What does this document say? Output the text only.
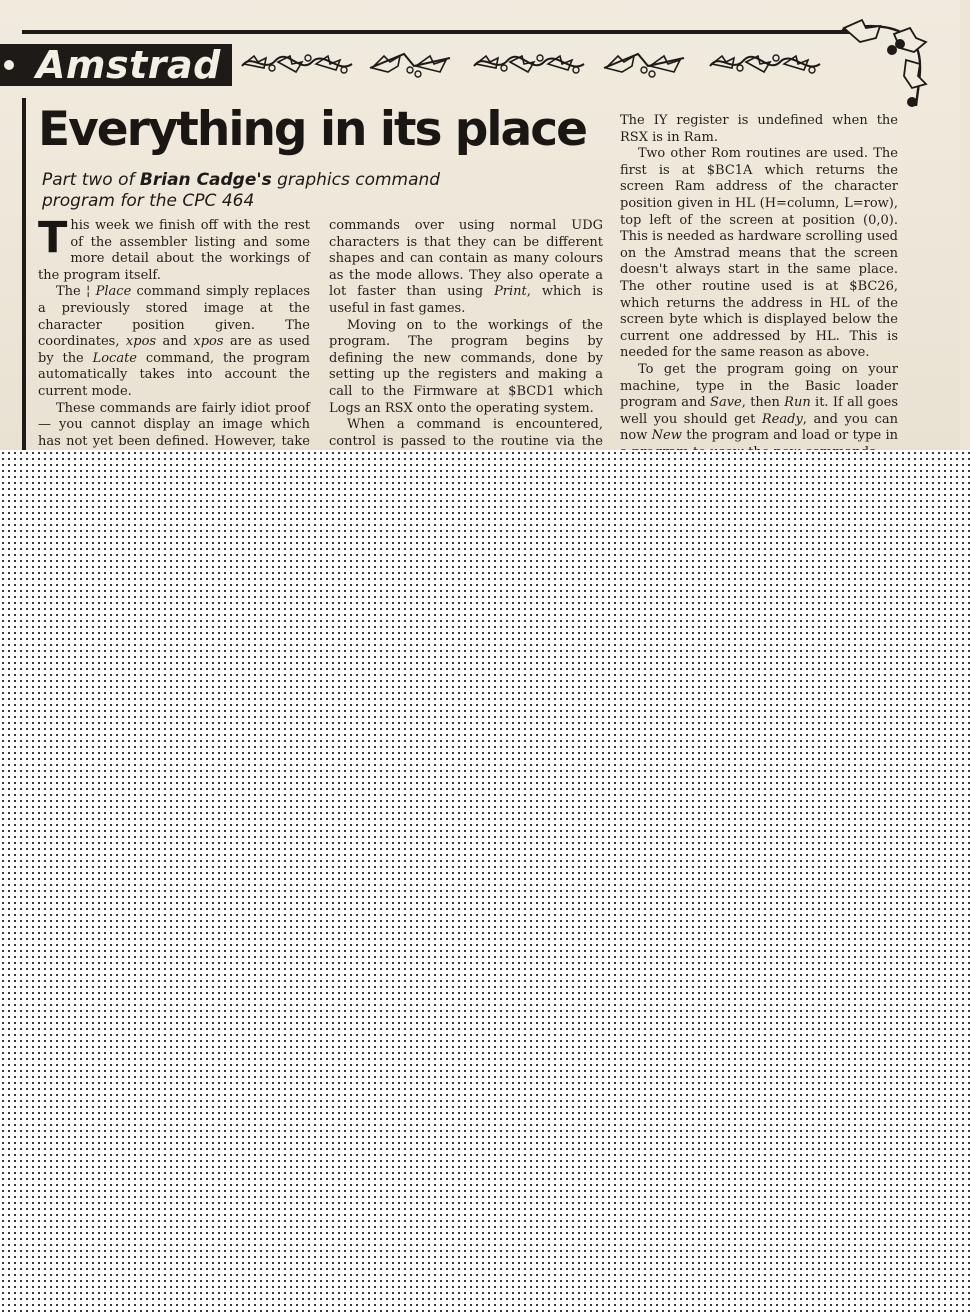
Amstrad
Everything in its place

Part two of Brian Cadge's graphics command program for the CPC 464

This week we finish off with the rest of the assembler listing and some more detail about the workings of the program itself.

The ¦ Place command simply replaces a previously stored image at the character position given. The coordinates, xpos and xpos are as used by the Locate command, the program automatically takes into account the current mode.

These commands are fairly idiot proof — you cannot display an image which has not yet been defined. However, take

commands over using normal UDG characters is that they can be different shapes and can contain as many colours as the mode allows. They also operate a lot faster than using Print, which is useful in fast games.

Moving on to the workings of the program. The program begins by defining the new commands, done by setting up the registers and making a call to the Firmware at $BCD1 which Logs an RSX onto the operating system.

When a command is encountered, control is passed to the routine via the

The IY register is undefined when the RSX is in Ram.

Two other Rom routines are used. The first is at $BC1A which returns the screen Ram address of the character position given in HL (H=column, L=row), top left of the screen at position (0,0). This is needed as hardware scrolling used on the Amstrad means that the screen doesn't always start in the same place. The other routine used is at $BC26, which returns the address in HL of the screen byte which is displayed below the current one addressed by HL. This is needed for the same reason as above.

To get the program going on your machine, type in the Basic loader program and Save, then Run it. If all goes well you should get Ready, and you can now New the program and load or type in
